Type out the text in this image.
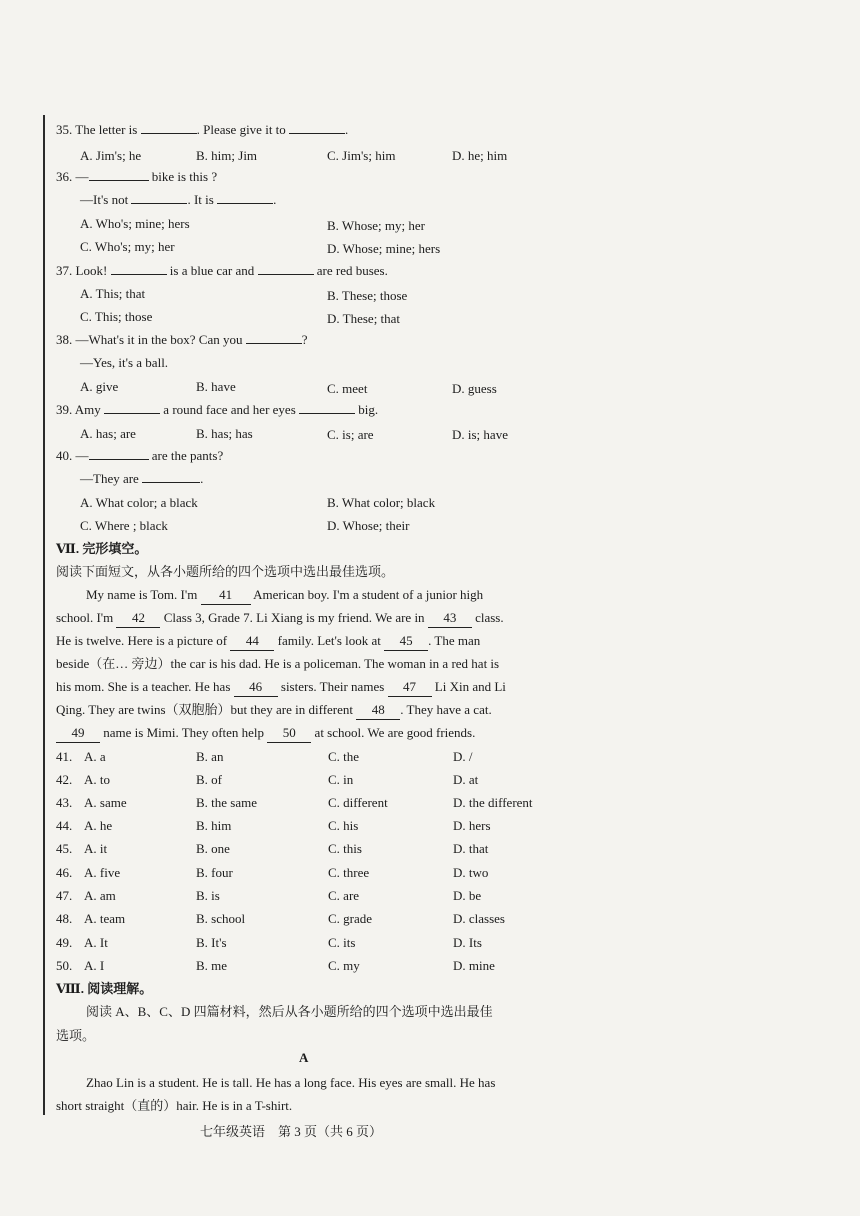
35. The letter is	. Please give it to	.
A. Jim's; he	B. him; Jim	C. Jim's; him	D. he; him
36. —	bike is this ?
—It's not	. It is	.
A. Who's; mine; hers	B. Whose; my; her
C. Who's; my; her	D. Whose; mine; hers
37. Look!	is a blue car and	are red buses.
A. This; that	B. These; those
C. This; those	D. These; that
38. —What's it in the box? Can you	?
—Yes, it's a ball.
A. give	B. have	C. meet	D. guess
39. Amy	a round face and her eyes	big.
A. has; are	B. has; has	C. is; are	D. is; have
40. —	are the pants?
—They are	.
A. What color; a black	B. What color; black
C. Where ; black	D. Whose; their
Ⅶ. 完形填空。
阅读下面短文，从各小题所给的四个选项中选出最佳选项。
My name is Tom. I'm 41 American boy. I'm a student of a junior high
school. I'm 42 Class 3, Grade 7. Li Xiang is my friend. We are in 43 class.
He is twelve. Here is a picture of 44 family. Let's look at 45 . The man
beside（在… 旁边）the car is his dad. He is a policeman. The woman in a red hat is
his mom. She is a teacher. He has 46 sisters. Their names 47 Li Xin and Li
Qing. They are twins（双胞胎）but they are in different 48 . They have a cat.
49 name is Mimi. They often help 50 at school. We are good friends.
41. A. a	B. an	C. the	D. /
42. A. to	B. of	C. in	D. at
43. A. same	B. the same	C. different	D. the different
44. A. he	B. him	C. his	D. hers
45. A. it	B. one	C. this	D. that
46. A. five	B. four	C. three	D. two
47. A. am	B. is	C. are	D. be
48. A. team	B. school	C. grade	D. classes
49. A. It	B. It's	C. its	D. Its
50. A. I	B. me	C. my	D. mine
Ⅷ. 阅读理解。
阅读 A、B、C、D 四篇材料，然后从各小题所给的四个选项中选出最佳
选项。
A
Zhao Lin is a student. He is tall. He has a long face. His eyes are small. He has
short straight（直的）hair. He is in a T-shirt.
七年级英语　第 3 页（共 6 页）
